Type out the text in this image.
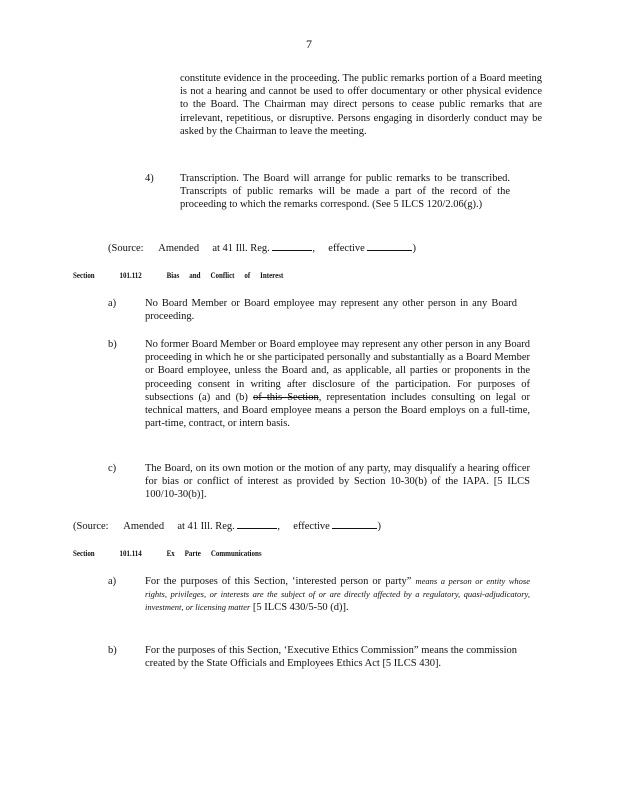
7
constitute evidence in the proceeding. The public remarks portion of a Board meeting is not a hearing and cannot be used to offer documentary or other physical evidence to the Board. The Chairman may direct persons to cease public remarks that are irrelevant, repetitious, or disruptive. Persons engaging in disorderly conduct may be asked by the Chairman to leave the meeting.
4)	Transcription. The Board will arrange for public remarks to be transcribed. Transcripts of public remarks will be made a part of the record of the proceeding to which the remarks correspond. (See 5 ILCS 120/2.06(g).)
(Source: Amended at 41 Ill. Reg.	, effective	)
Section	101.112	Bias and Conflict of Interest
a)	No Board Member or Board employee may represent any other person in any Board proceeding.
b)	No former Board Member or Board employee may represent any other person in any Board proceeding in which he or she participated personally and substantially as a Board Member or Board employee, unless the Board and, as applicable, all parties or proponents in the proceeding consent in writing after disclosure of the participation. For purposes of subsections (a) and (b) of this Section, representation includes consulting on legal or technical matters, and Board employee means a person the Board employs on a full-time, part-time, contract, or intern basis.
c)	The Board, on its own motion or the motion of any party, may disqualify a hearing officer for bias or conflict of interest as provided by Section 10-30(b) of the IAPA. [5 ILCS 100/10-30(b)].
(Source: Amended at 41 Ill. Reg.	, effective	)
Section	101.114	Ex Parte Communications
a)	For the purposes of this Section, ‘interested person or party” means a person or entity whose rights, privileges, or interests are the subject of or are directly affected by a regulatory, quasi-adjudicatory, investment, or licensing matter [5 ILCS 430/5-50 (d)].
b)	For the purposes of this Section, ‘Executive Ethics Commission” means the commission created by the State Officials and Employees Ethics Act [5 ILCS 430].
